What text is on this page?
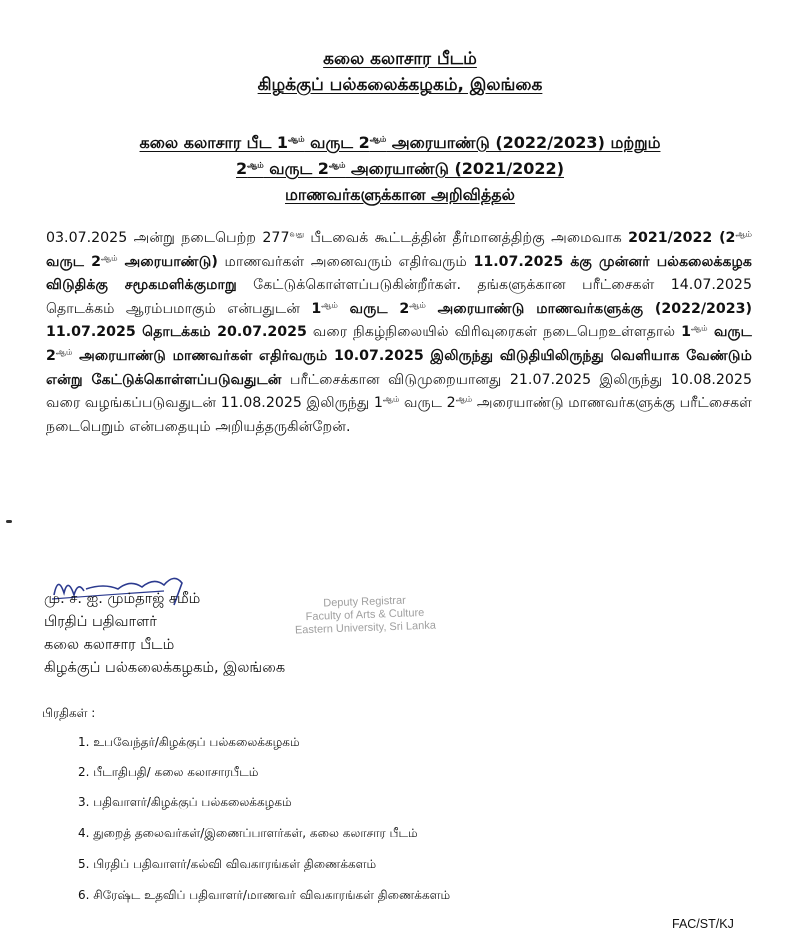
கலை கலாசார பீடம்
கிழக்குப் பல்கலைக்கழகம், இலங்கை
கலை கலாசார பீட $1^{ஆம்}$ வருட $2^{ஆம்}$ அரையாண்டு (2022/2023) மற்றும்
$2^{ஆம்}$ வருட $2^{ஆம்}$ அரையாண்டு (2021/2022)
மாணவர்களுக்கான அறிவித்தல்
03.07.2025 அன்று நடைபெற்ற $277^{வது}$ பீடவைக் கூட்டத்தின் தீர்மானத்திற்கு அமைவாக 2021/2022 ($2^{ஆம்}$ வருட $2^{ஆம்}$ அரையாண்டு) மாணவர்கள் அனைவரும் எதிர்வரும் 11.07.2025 க்கு முன்னர் பல்கலைக்கழக விடுதிக்கு சமூகமளிக்குமாறு கேட்டுக்கொள்ளப்படுகின்றீர்கள். தங்களுக்கான பரீட்சைகள் 14.07.2025 தொடக்கம் ஆரம்பமாகும் என்பதுடன் $1^{ஆம்}$ வருட $2^{ஆம்}$ அரையாண்டு மாணவர்களுக்கு (2022/2023) 11.07.2025 தொடக்கம் 20.07.2025 வரை நிகழ்நிலையில் விரிவுரைகள் நடைபெறஉள்ளதால் $1^{ஆம்}$ வருட $2^{ஆம்}$ அரையாண்டு மாணவர்கள் எதிர்வரும் 10.07.2025 இலிருந்து விடுதியிலிருந்து வெளியாக வேண்டும் என்று கேட்டுக்கொள்ளப்படுவதுடன் பரீட்சைக்கான விடுமுறையானது 21.07.2025 இலிருந்து 10.08.2025 வரை வழங்கப்படுவதுடன் 11.08.2025 இலிருந்து $1^{ஆம்}$ வருட $2^{ஆம்}$ அரையாண்டு மாணவர்களுக்கு பரீட்சைகள் நடைபெறும் என்பதையும் அறியத்தருகின்றேன்.
மு. ச. ஐ. மும்தாஜ் சமீம்
பிரதிப் பதிவாளர்
கலை கலாசார பீடம்
கிழக்குப் பல்கலைக்கழகம், இலங்கை
Deputy Registrar
Faculty of Arts & Culture
Eastern University, Sri Lanka
பிரதிகள் :
1. உபவேந்தர்/கிழக்குப் பல்கலைக்கழகம்
2. பீடாதிபதி/ கலை கலாசாரபீடம்
3. பதிவாளர்/கிழக்குப் பல்கலைக்கழகம்
4. துறைத் தலைவர்கள்/இணைப்பாளர்கள், கலை கலாசார பீடம்
5. பிரதிப் பதிவாளர்/கல்வி விவகாரங்கள் திணைக்களம்
6. சிரேஷ்ட உதவிப் பதிவாளர்/மாணவர் விவகாரங்கள் திணைக்களம்
FAC/ST/KJ
